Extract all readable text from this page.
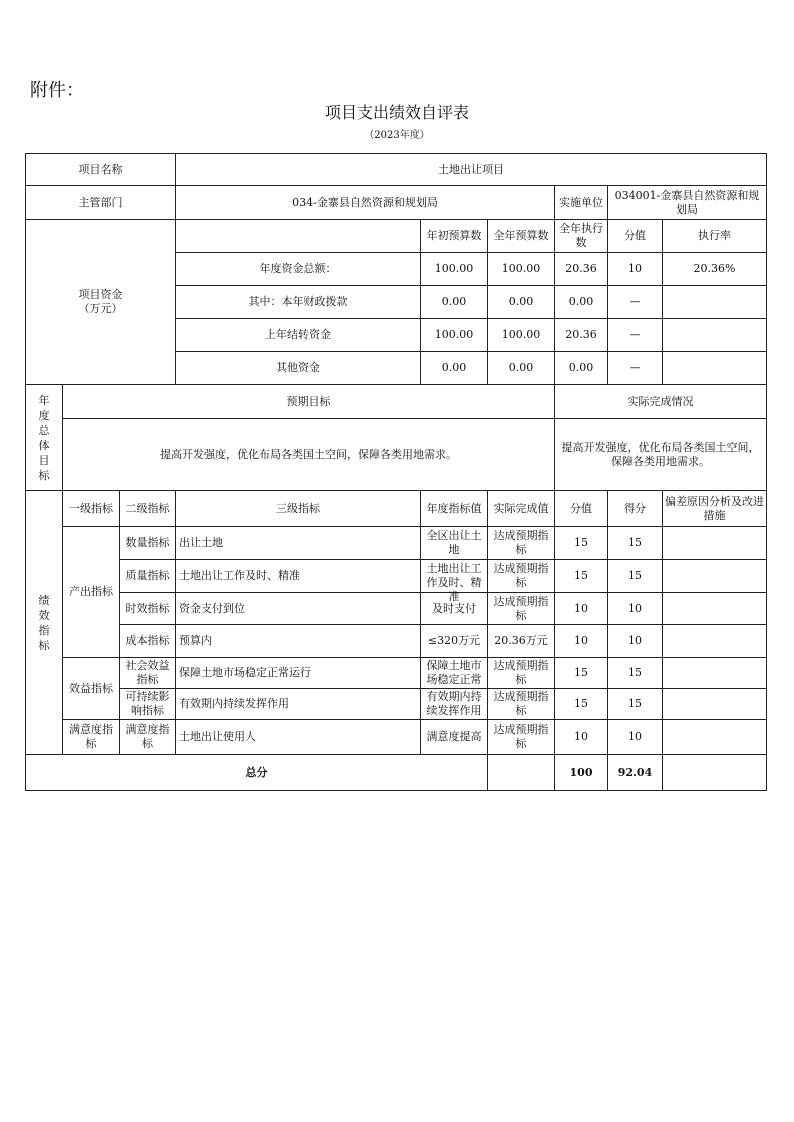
附件：
项目支出绩效自评表
（2023年度）
项目名称			土地出让项目						
主管部门			034-金寨县自然资源和规划局			实施单位	034001-金寨县自然资源和规划局		
项目资金
（万元）				年初预算数	全年预算数	全年执行数	分值	执行率	
			年度资金总额：	100.00	100.00	20.36	10	20.36%	
			其中：本年财政拨款	0.00	0.00	0.00	—		
			上年结转资金	100.00	100.00	20.36	—		
			其他资金	0.00	0.00	0.00	—		

年度总体目标	预期目标					实际完成情况			
	提高开发强度，优化布局各类国土空间，保障各类用地需求。					提高开发强度，优化布局各类国土空间，保障各类用地需求。			

绩效指标	一级指标	二级指标	三级指标	年度指标值	实际完成值	分值	得分	偏差原因分析及改进措施	
	产出指标	数量指标	出让土地	全区出让土地	达成预期指标	15	15		
		质量指标	土地出让工作及时、精准	土地出让工作及时、精准	达成预期指标	15	15		
		时效指标	资金支付到位	及时支付	达成预期指标	10	10		
		成本指标	预算内	≤320万元	20.36万元	10	10		
	效益指标	社会效益指标	保障土地市场稳定正常运行	保障土地市场稳定正常	达成预期指标	15	15		

		可持续影响指标	有效期内持续发挥作用	有效期内持续发挥作用	达成预期指标	15	15		

	满意度指标	满意度指标	土地出让使用人	满意度提高	达成预期指标	10	10		
总分						100	92.04		
